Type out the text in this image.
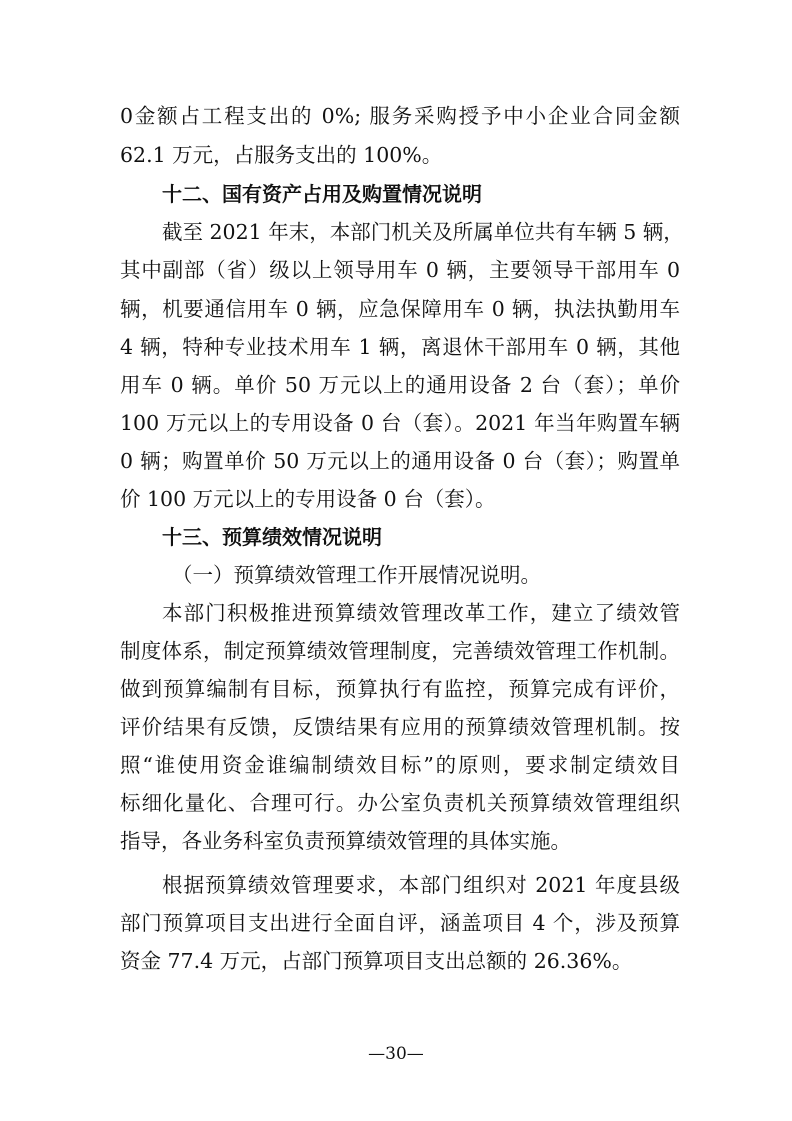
0金额占工程支出的 0%; 服务采购授予中小企业合同金额
62.1 万元，占服务支出的 100%。
十二、国有资产占用及购置情况说明
截至 2021 年末，本部门机关及所属单位共有车辆 5 辆，
其中副部（省）级以上领导用车 0 辆，主要领导干部用车 0
辆，机要通信用车 0 辆，应急保障用车 0 辆，执法执勤用车
4 辆，特种专业技术用车 1 辆，离退休干部用车 0 辆，其他
用车 0 辆。单价 50 万元以上的通用设备 2 台（套）；单价
100 万元以上的专用设备 0 台（套）。2021 年当年购置车辆
0 辆；购置单价 50 万元以上的通用设备 0 台（套）；购置单
价 100 万元以上的专用设备 0 台（套）。
十三、预算绩效情况说明
（一）预算绩效管理工作开展情况说明。
本部门积极推进预算绩效管理改革工作，建立了绩效管
制度体系，制定预算绩效管理制度，完善绩效管理工作机制。
做到预算编制有目标，预算执行有监控，预算完成有评价，
评价结果有反馈，反馈结果有应用的预算绩效管理机制。按
照“谁使用资金谁编制绩效目标”的原则，要求制定绩效目
标细化量化、合理可行。办公室负责机关预算绩效管理组织
指导，各业务科室负责预算绩效管理的具体实施。
根据预算绩效管理要求，本部门组织对 2021 年度县级
部门预算项目支出进行全面自评，涵盖项目 4 个，涉及预算
资金 77.4 万元，占部门预算项目支出总额的 26.36%。
—30—
